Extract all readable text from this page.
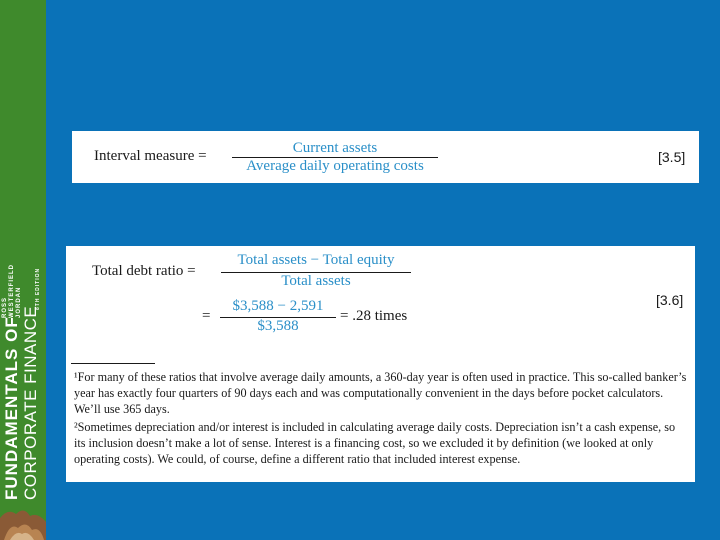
FUNDAMENTALS OF CORPORATE FINANCE
ROSS WESTERFIELD JORDAN	8TH EDITION
Interval measure =	Current assets
Average daily operating costs
[3.5]
Total debt ratio =
Total assets − Total equity
Total assets
=
$3,588 − 2,591
$3,588
= .28 times
[3.6]
¹For many of these ratios that involve average daily amounts, a 360-day year is often used in practice. This so-called banker’s year has exactly four quarters of 90 days each and was computationally convenient in the days before pocket calculators. We’ll use 365 days.
²Sometimes depreciation and/or interest is included in calculating average daily costs. Depreciation isn’t a cash expense, so its inclusion doesn’t make a lot of sense. Interest is a financing cost, so we excluded it by definition (we looked at only operating costs). We could, of course, define a different ratio that included interest expense.
